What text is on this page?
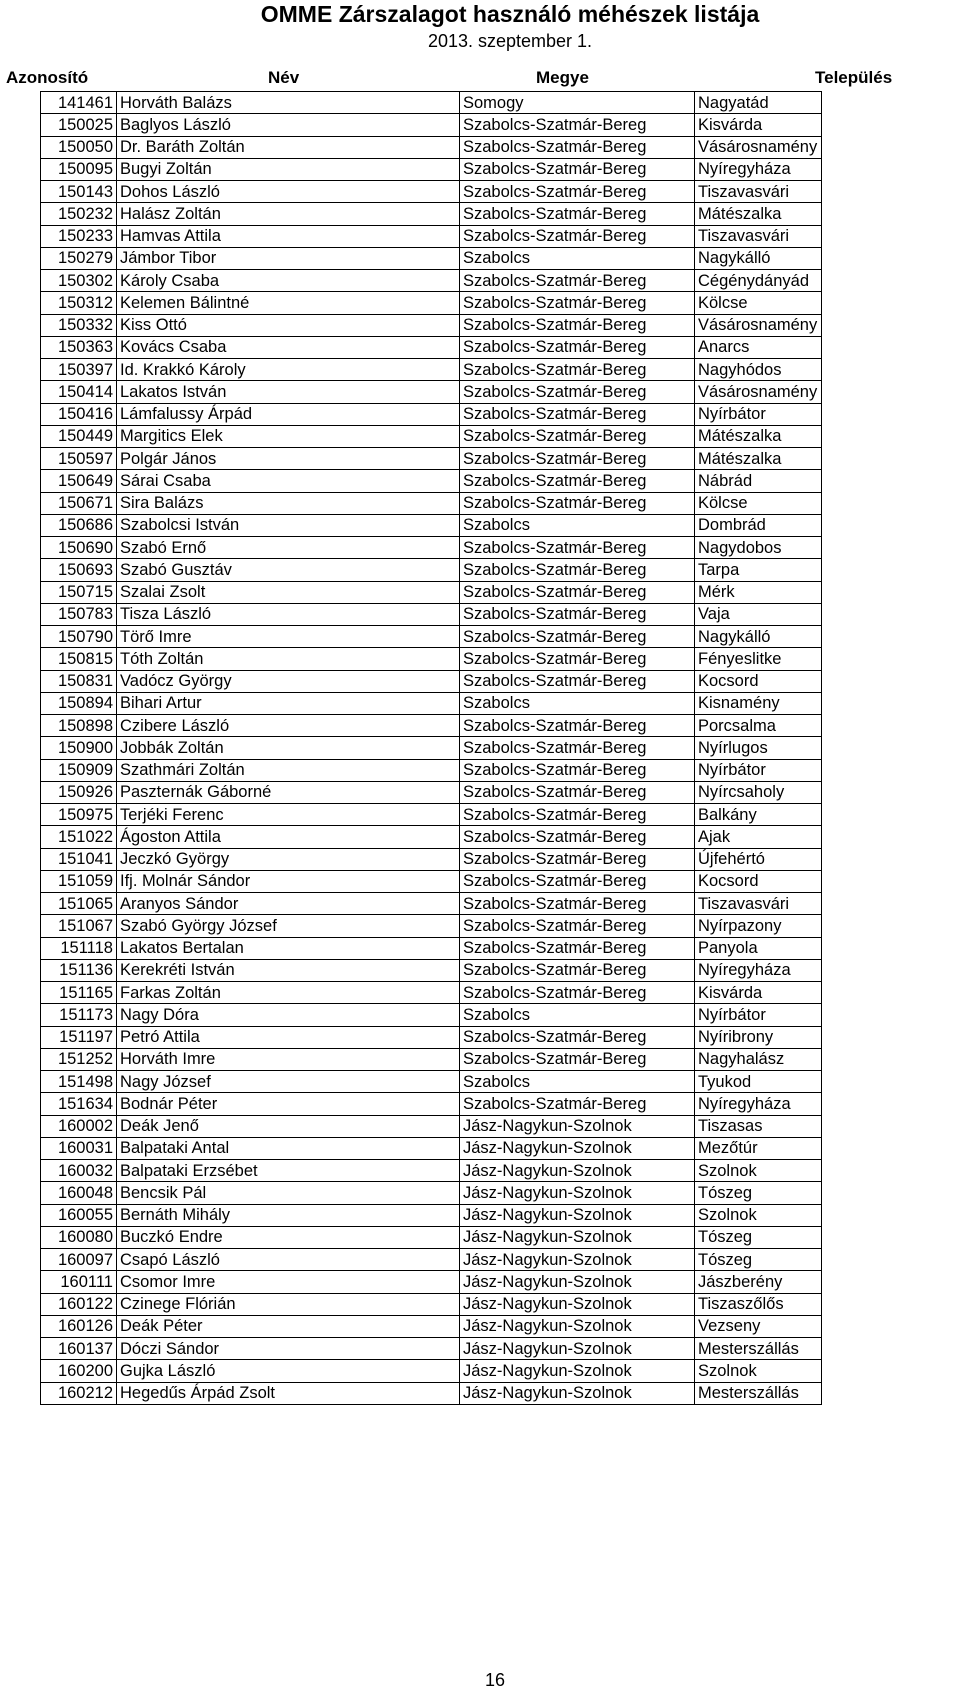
OMME Zárszalagot használó méhészek listája
2013. szeptember 1.
Azonosító	Név	Megye	Település
141461	Horváth Balázs	Somogy	Nagyatád
150025	Baglyos László	Szabolcs-Szatmár-Bereg	Kisvárda
150050	Dr. Baráth Zoltán	Szabolcs-Szatmár-Bereg	Vásárosnamény
150095	Bugyi Zoltán	Szabolcs-Szatmár-Bereg	Nyíregyháza
150143	Dohos László	Szabolcs-Szatmár-Bereg	Tiszavasvári
150232	Halász Zoltán	Szabolcs-Szatmár-Bereg	Mátészalka
150233	Hamvas Attila	Szabolcs-Szatmár-Bereg	Tiszavasvári
150279	Jámbor Tibor	Szabolcs	Nagykálló
150302	Károly Csaba	Szabolcs-Szatmár-Bereg	Cégénydányád
150312	Kelemen Bálintné	Szabolcs-Szatmár-Bereg	Kölcse
150332	Kiss Ottó	Szabolcs-Szatmár-Bereg	Vásárosnamény
150363	Kovács Csaba	Szabolcs-Szatmár-Bereg	Anarcs
150397	Id. Krakkó Károly	Szabolcs-Szatmár-Bereg	Nagyhódos
150414	Lakatos István	Szabolcs-Szatmár-Bereg	Vásárosnamény
150416	Lámfalussy Árpád	Szabolcs-Szatmár-Bereg	Nyírbátor
150449	Margitics Elek	Szabolcs-Szatmár-Bereg	Mátészalka
150597	Polgár János	Szabolcs-Szatmár-Bereg	Mátészalka
150649	Sárai Csaba	Szabolcs-Szatmár-Bereg	Nábrád
150671	Sira Balázs	Szabolcs-Szatmár-Bereg	Kölcse
150686	Szabolcsi István	Szabolcs	Dombrád
150690	Szabó Ernő	Szabolcs-Szatmár-Bereg	Nagydobos
150693	Szabó Gusztáv	Szabolcs-Szatmár-Bereg	Tarpa
150715	Szalai Zsolt	Szabolcs-Szatmár-Bereg	Mérk
150783	Tisza László	Szabolcs-Szatmár-Bereg	Vaja
150790	Törő Imre	Szabolcs-Szatmár-Bereg	Nagykálló
150815	Tóth Zoltán	Szabolcs-Szatmár-Bereg	Fényeslitke
150831	Vadócz György	Szabolcs-Szatmár-Bereg	Kocsord
150894	Bihari Artur	Szabolcs	Kisnamény
150898	Czibere László	Szabolcs-Szatmár-Bereg	Porcsalma
150900	Jobbák Zoltán	Szabolcs-Szatmár-Bereg	Nyírlugos
150909	Szathmári Zoltán	Szabolcs-Szatmár-Bereg	Nyírbátor
150926	Paszternák Gáborné	Szabolcs-Szatmár-Bereg	Nyírcsaholy
150975	Terjéki Ferenc	Szabolcs-Szatmár-Bereg	Balkány
151022	Ágoston Attila	Szabolcs-Szatmár-Bereg	Ajak
151041	Jeczkó György	Szabolcs-Szatmár-Bereg	Újfehértó
151059	Ifj. Molnár Sándor	Szabolcs-Szatmár-Bereg	Kocsord
151065	Aranyos Sándor	Szabolcs-Szatmár-Bereg	Tiszavasvári
151067	Szabó György József	Szabolcs-Szatmár-Bereg	Nyírpazony
151118	Lakatos Bertalan	Szabolcs-Szatmár-Bereg	Panyola
151136	Kerekréti István	Szabolcs-Szatmár-Bereg	Nyíregyháza
151165	Farkas Zoltán	Szabolcs-Szatmár-Bereg	Kisvárda
151173	Nagy Dóra	Szabolcs	Nyírbátor
151197	Petró Attila	Szabolcs-Szatmár-Bereg	Nyíribrony
151252	Horváth Imre	Szabolcs-Szatmár-Bereg	Nagyhalász
151498	Nagy József	Szabolcs	Tyukod
151634	Bodnár Péter	Szabolcs-Szatmár-Bereg	Nyíregyháza
160002	Deák Jenő	Jász-Nagykun-Szolnok	Tiszasas
160031	Balpataki Antal	Jász-Nagykun-Szolnok	Mezőtúr
160032	Balpataki Erzsébet	Jász-Nagykun-Szolnok	Szolnok
160048	Bencsik Pál	Jász-Nagykun-Szolnok	Tószeg
160055	Bernáth Mihály	Jász-Nagykun-Szolnok	Szolnok
160080	Buczkó Endre	Jász-Nagykun-Szolnok	Tószeg
160097	Csapó László	Jász-Nagykun-Szolnok	Tószeg
160111	Csomor Imre	Jász-Nagykun-Szolnok	Jászberény
160122	Czinege Flórián	Jász-Nagykun-Szolnok	Tiszaszőlős
160126	Deák Péter	Jász-Nagykun-Szolnok	Vezseny
160137	Dóczi Sándor	Jász-Nagykun-Szolnok	Mesterszállás
160200	Gujka László	Jász-Nagykun-Szolnok	Szolnok
160212	Hegedűs Árpád Zsolt	Jász-Nagykun-Szolnok	Mesterszállás
16
